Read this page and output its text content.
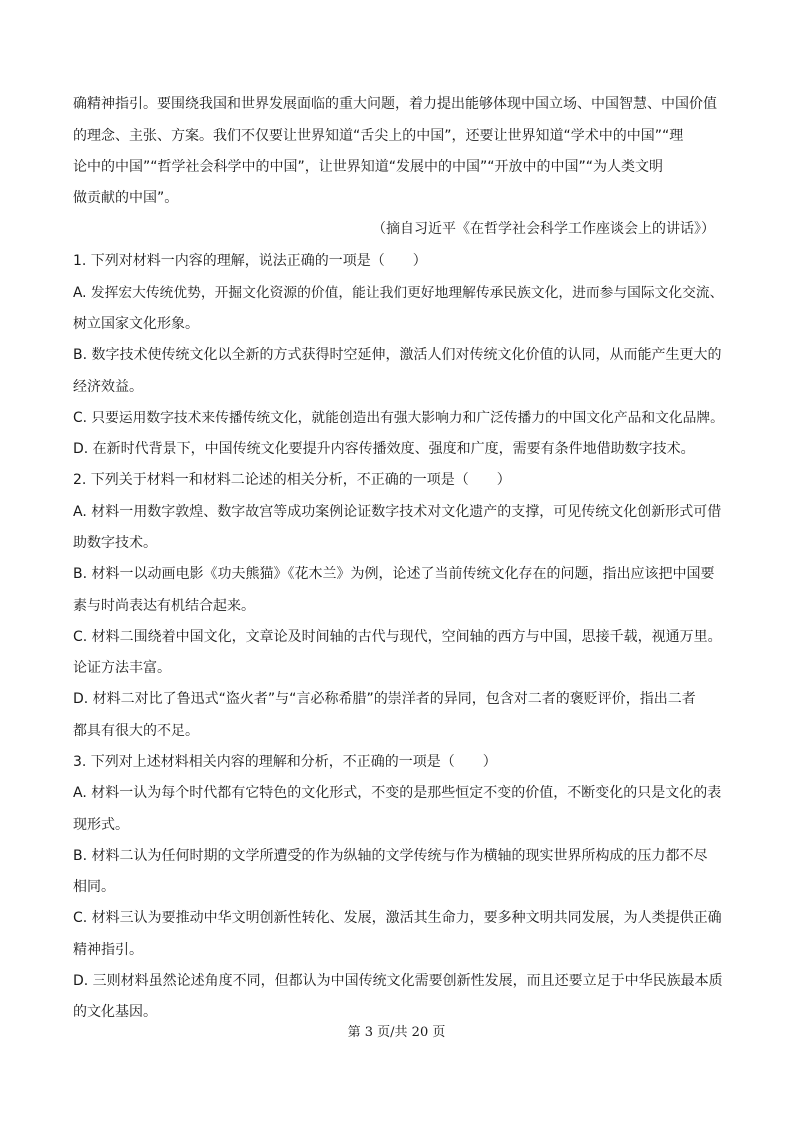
确精神指引。要围绕我国和世界发展面临的重大问题，着力提出能够体现中国立场、中国智慧、中国价值
的理念、主张、方案。我们不仅要让世界知道“舌尖上的中国”，还要让世界知道“学术中的中国”“理
论中的中国”“哲学社会科学中的中国”，让世界知道“发展中的中国”“开放中的中国”“为人类文明
做贡献的中国”。
（摘自习近平《在哲学社会科学工作座谈会上的讲话》）
1. 下列对材料一内容的理解，说法正确的一项是（　　）
A. 发挥宏大传统优势，开掘文化资源的价值，能让我们更好地理解传承民族文化，进而参与国际文化交流、
树立国家文化形象。
B. 数字技术使传统文化以全新的方式获得时空延伸，激活人们对传统文化价值的认同，从而能产生更大的
经济效益。
C. 只要运用数字技术来传播传统文化，就能创造出有强大影响力和广泛传播力的中国文化产品和文化品牌。
D. 在新时代背景下，中国传统文化要提升内容传播效度、强度和广度，需要有条件地借助数字技术。
2. 下列关于材料一和材料二论述的相关分析，不正确的一项是（　　）
A. 材料一用数字敦煌、数字故宫等成功案例论证数字技术对文化遗产的支撑，可见传统文化创新形式可借
助数字技术。
B. 材料一以动画电影《功夫熊猫》《花木兰》为例，论述了当前传统文化存在的问题，指出应该把中国要
素与时尚表达有机结合起来。
C. 材料二围绕着中国文化，文章论及时间轴的古代与现代，空间轴的西方与中国，思接千载，视通万里。
论证方法丰富。
D. 材料二对比了鲁迅式“盗火者”与“言必称希腊”的崇洋者的异同，包含对二者的褒贬评价，指出二者
都具有很大的不足。
3. 下列对上述材料相关内容的理解和分析，不正确的一项是（　　）
A. 材料一认为每个时代都有它特色的文化形式，不变的是那些恒定不变的价值，不断变化的只是文化的表
现形式。
B. 材料二认为任何时期的文学所遭受的作为纵轴的文学传统与作为横轴的现实世界所构成的压力都不尽
相同。
C. 材料三认为要推动中华文明创新性转化、发展，激活其生命力，要多种文明共同发展，为人类提供正确
精神指引。
D. 三则材料虽然论述角度不同，但都认为中国传统文化需要创新性发展，而且还要立足于中华民族最本质
的文化基因。
第 3 页/共 20 页
